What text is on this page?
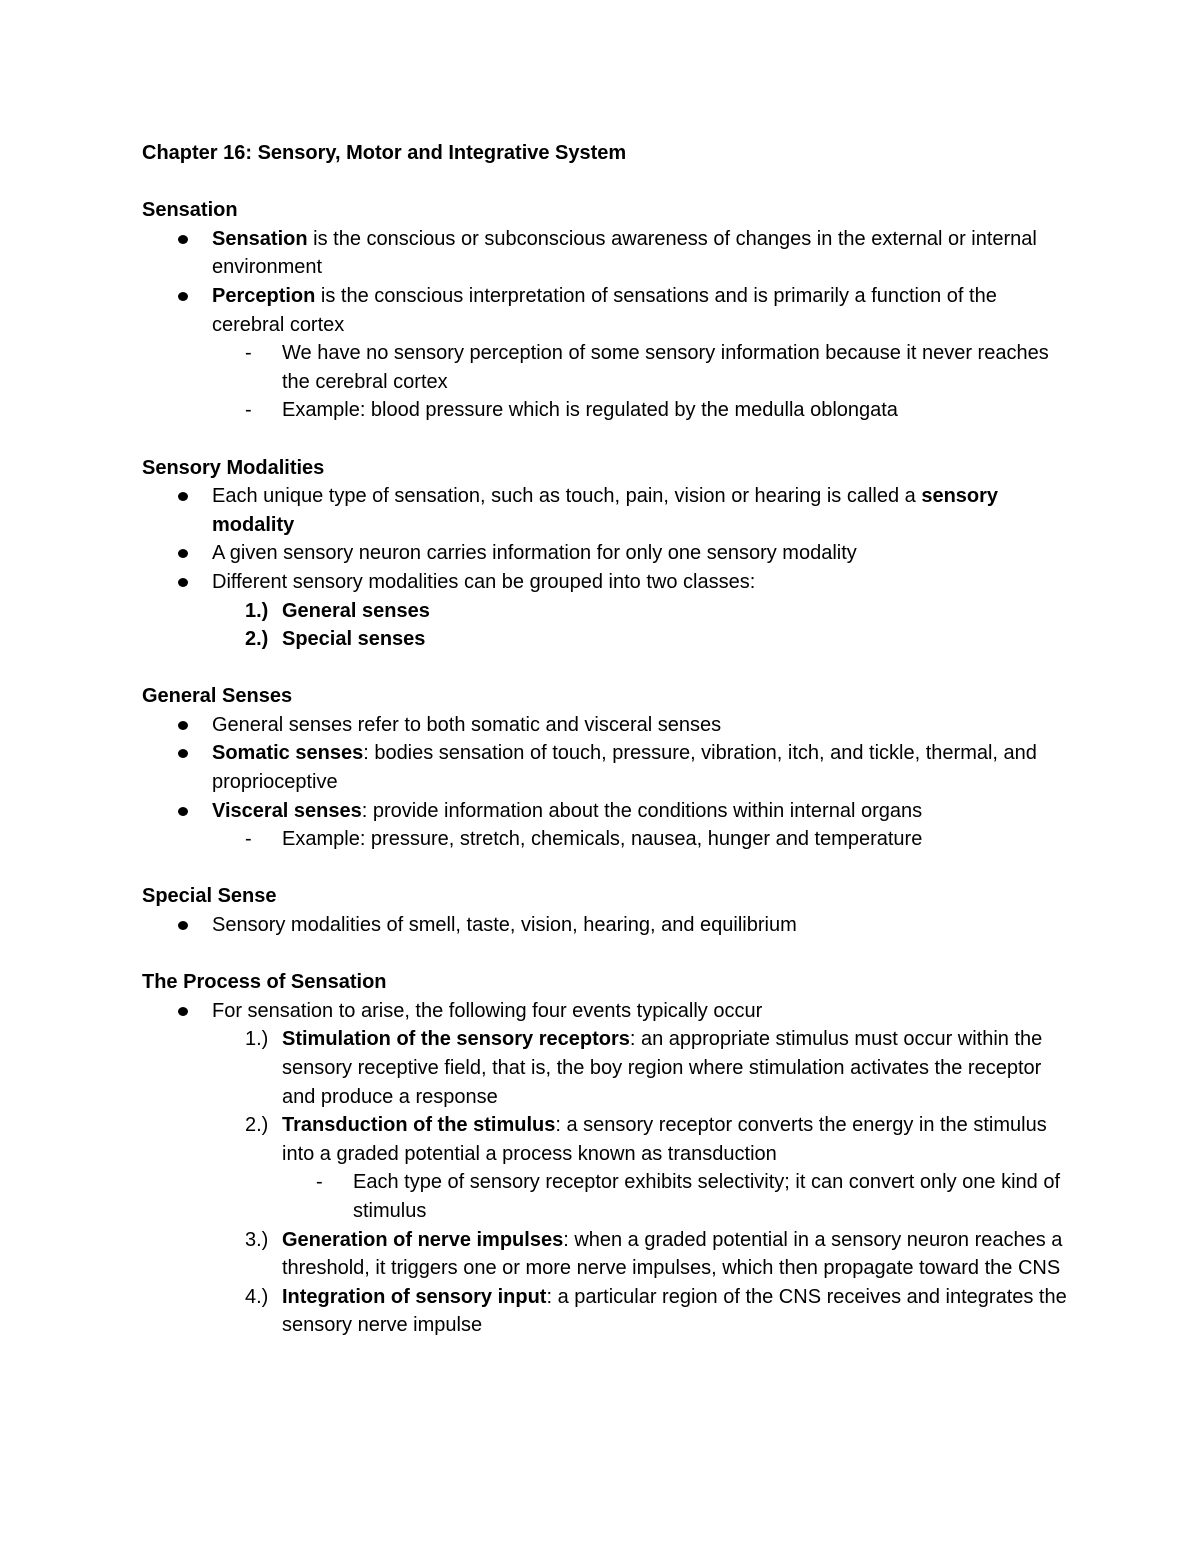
Chapter 16: Sensory, Motor and Integrative System

Sensation

Sensation is the conscious or subconscious awareness of changes in the external or internal environment
Perception is the conscious interpretation of sensations and is primarily a function of the cerebral cortex
- We have no sensory perception of some sensory information because it never reaches the cerebral cortex
- Example: blood pressure which is regulated by the medulla oblongata

Sensory Modalities

Each unique type of sensation, such as touch, pain, vision or hearing is called a sensory modality
A given sensory neuron carries information for only one sensory modality
Different sensory modalities can be grouped into two classes:
1.) General senses
2.) Special senses

General Senses

General senses refer to both somatic and visceral senses
Somatic senses: bodies sensation of touch, pressure, vibration, itch, and tickle, thermal, and proprioceptive
Visceral senses: provide information about the conditions within internal organs
- Example: pressure, stretch, chemicals, nausea, hunger and temperature

Special Sense

Sensory modalities of smell, taste, vision, hearing, and equilibrium

The Process of Sensation

For sensation to arise, the following four events typically occur
1.) Stimulation of the sensory receptors: an appropriate stimulus must occur within the sensory receptive field, that is, the boy region where stimulation activates the receptor and produce a response
2.) Transduction of the stimulus: a sensory receptor converts the energy in the stimulus into a graded potential a process known as transduction
- Each type of sensory receptor exhibits selectivity; it can convert only one kind of stimulus
3.) Generation of nerve impulses: when a graded potential in a sensory neuron reaches a threshold, it triggers one or more nerve impulses, which then propagate toward the CNS
4.) Integration of sensory input: a particular region of the CNS receives and integrates the sensory nerve impulse
